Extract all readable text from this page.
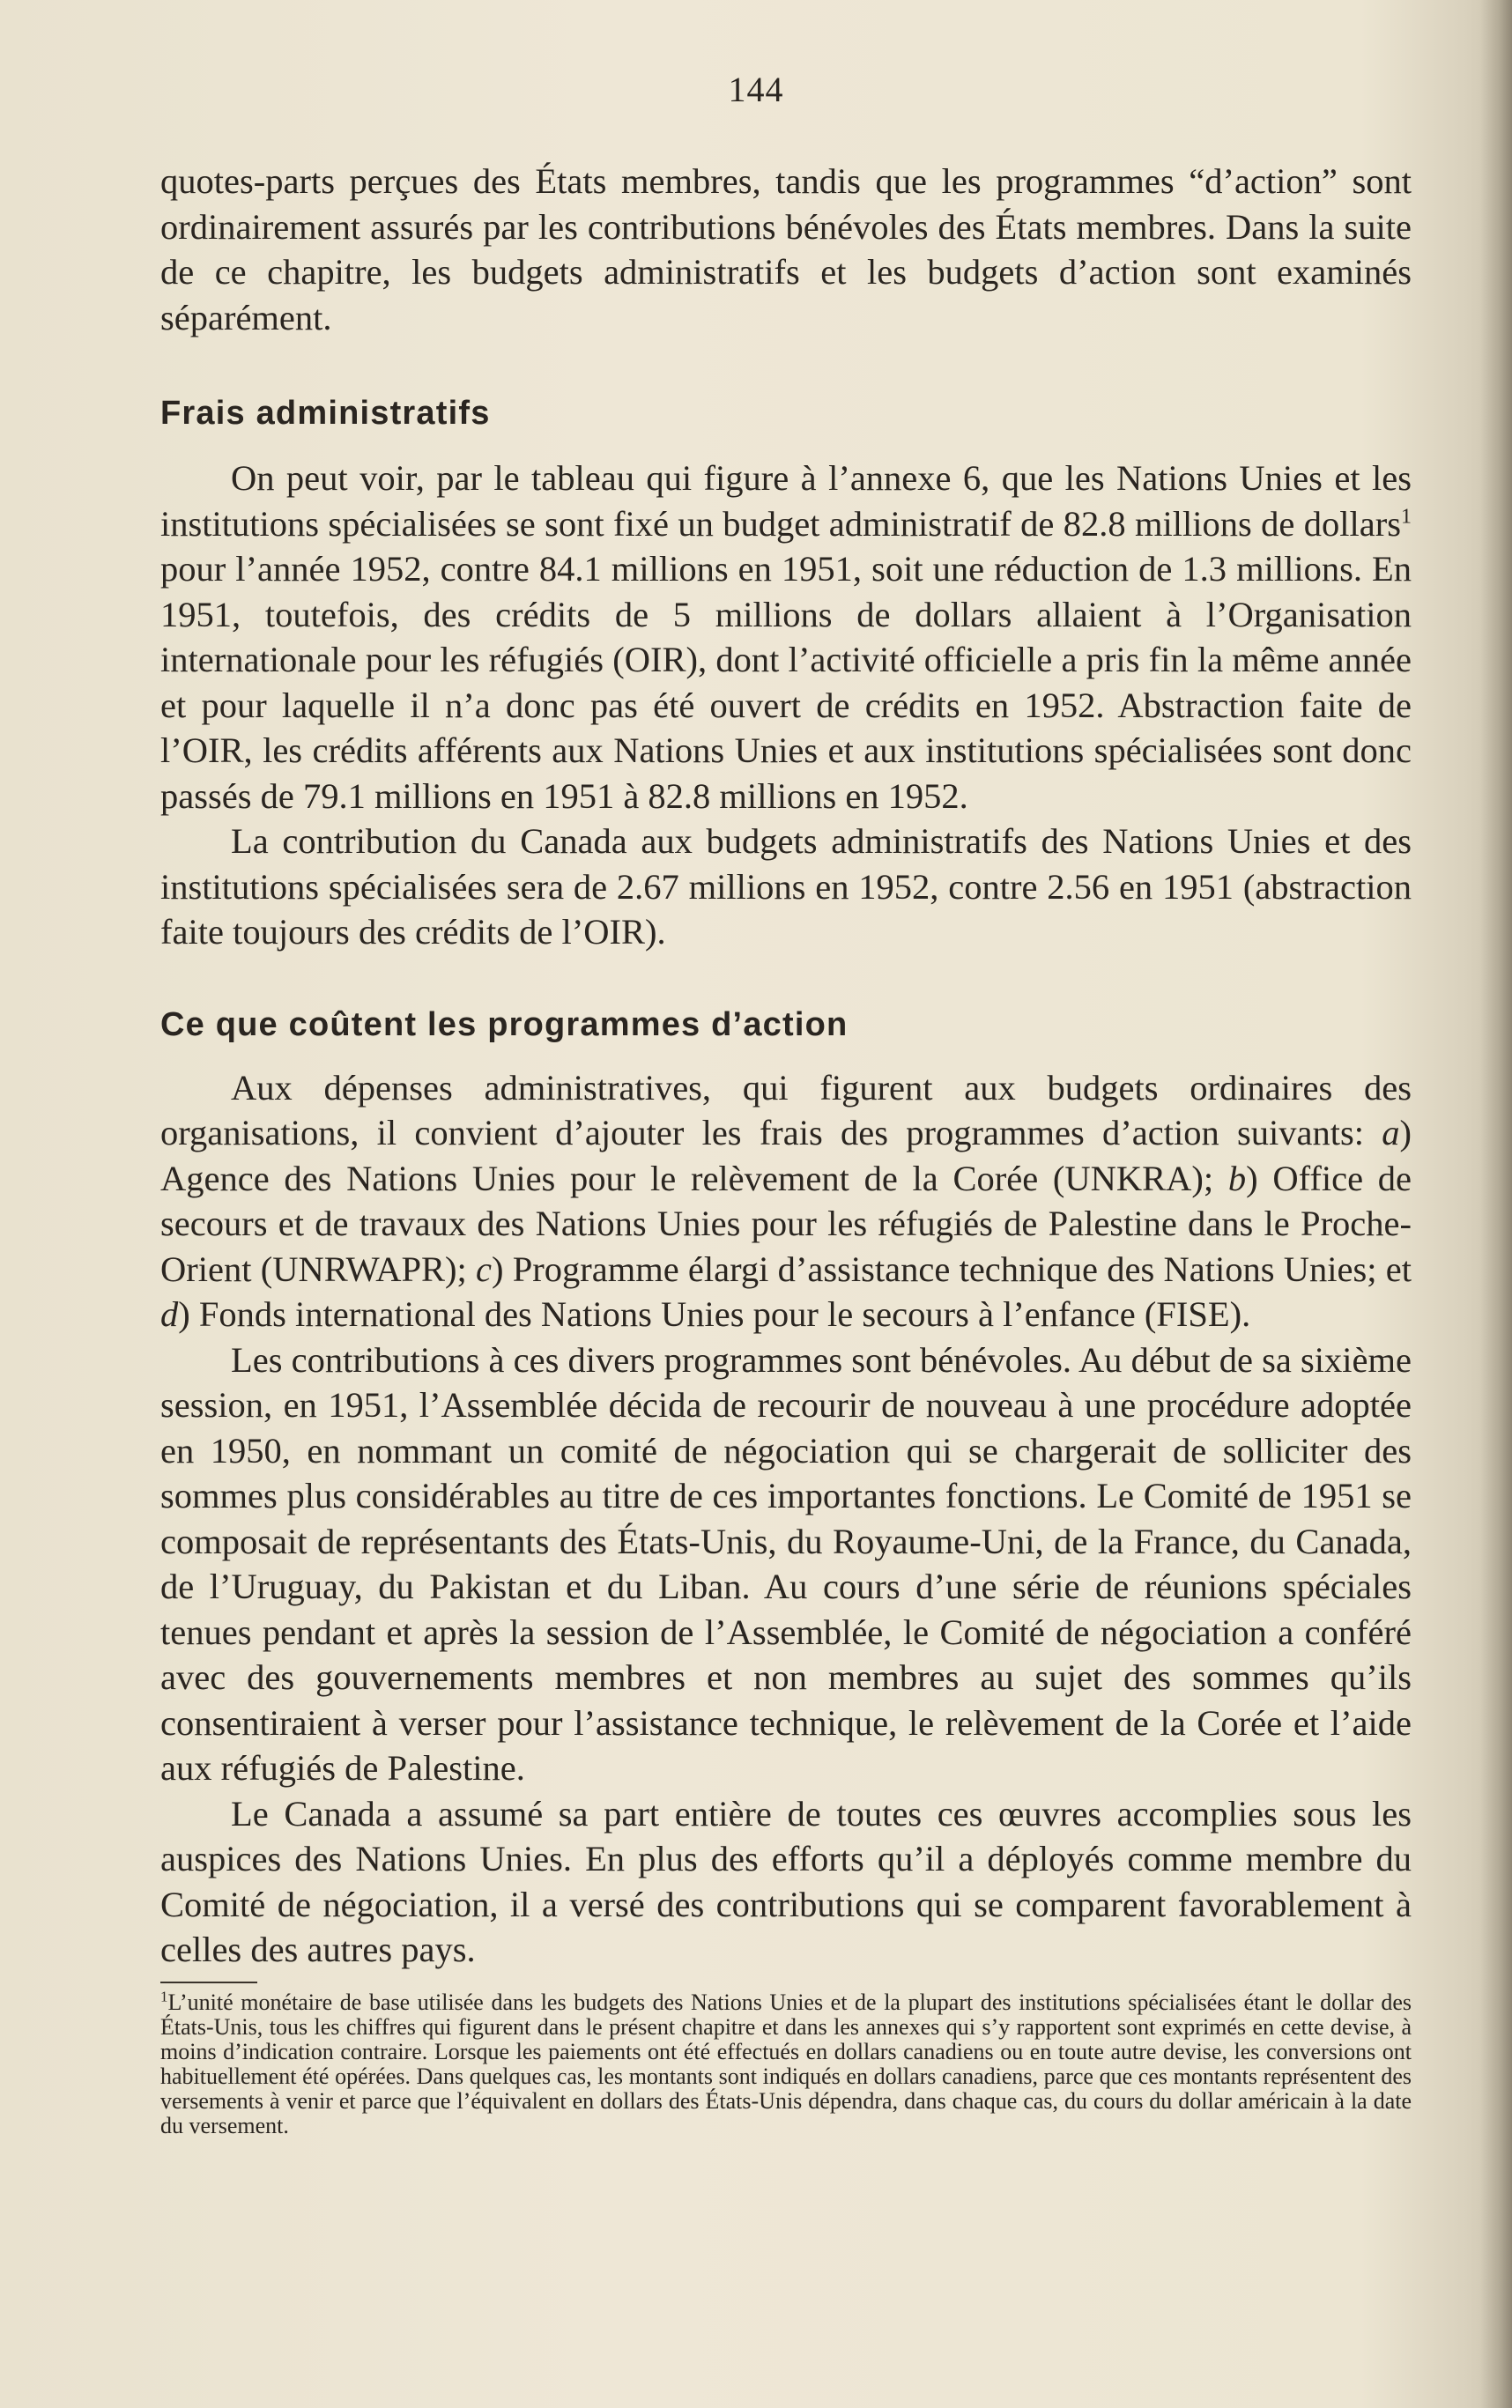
144

quotes-parts perçues des États membres, tandis que les programmes “d’action” sont ordinairement assurés par les contributions bénévoles des États membres. Dans la suite de ce chapitre, les budgets administratifs et les budgets d’action sont examinés séparément.

Frais administratifs

On peut voir, par le tableau qui figure à l’annexe 6, que les Nations Unies et les institutions spécialisées se sont fixé un budget administratif de 82.8 millions de dollars$^1$ pour l’année 1952, contre 84.1 millions en 1951, soit une réduction de 1.3 millions. En 1951, toutefois, des crédits de 5 millions de dollars allaient à l’Organisation internationale pour les réfugiés (OIR), dont l’activité officielle a pris fin la même année et pour laquelle il n’a donc pas été ouvert de crédits en 1952. Abstraction faite de l’OIR, les crédits afférents aux Nations Unies et aux institutions spécialisées sont donc passés de 79.1 millions en 1951 à 82.8 millions en 1952.

La contribution du Canada aux budgets administratifs des Nations Unies et des institutions spécialisées sera de 2.67 millions en 1952, contre 2.56 en 1951 (abstraction faite toujours des crédits de l’OIR).

Ce que coûtent les programmes d’action

Aux dépenses administratives, qui figurent aux budgets ordinaires des organisations, il convient d’ajouter les frais des programmes d’action suivants: a) Agence des Nations Unies pour le relèvement de la Corée (UNKRA); b) Office de secours et de travaux des Nations Unies pour les réfugiés de Palestine dans le Proche-Orient (UNRWAPR); c) Programme élargi d’assistance technique des Nations Unies; et d) Fonds international des Nations Unies pour le secours à l’enfance (FISE).

Les contributions à ces divers programmes sont bénévoles. Au début de sa sixième session, en 1951, l’Assemblée décida de recourir de nouveau à une procédure adoptée en 1950, en nommant un comité de négociation qui se chargerait de solliciter des sommes plus considérables au titre de ces importantes fonctions. Le Comité de 1951 se composait de représentants des États-Unis, du Royaume-Uni, de la France, du Canada, de l’Uruguay, du Pakistan et du Liban. Au cours d’une série de réunions spéciales tenues pendant et après la session de l’Assemblée, le Comité de négociation a conféré avec des gouvernements membres et non membres au sujet des sommes qu’ils consentiraient à verser pour l’assistance technique, le relèvement de la Corée et l’aide aux réfugiés de Palestine.

Le Canada a assumé sa part entière de toutes ces œuvres accomplies sous les auspices des Nations Unies. En plus des efforts qu’il a déployés comme membre du Comité de négociation, il a versé des contributions qui se comparent favorablement à celles des autres pays.

$^1$L’unité monétaire de base utilisée dans les budgets des Nations Unies et de la plupart des institutions spécialisées étant le dollar des États-Unis, tous les chiffres qui figurent dans le présent chapitre et dans les annexes qui s’y rapportent sont exprimés en cette devise, à moins d’indication contraire. Lorsque les paiements ont été effectués en dollars canadiens ou en toute autre devise, les conversions ont habituellement été opérées. Dans quelques cas, les montants sont indiqués en dollars canadiens, parce que ces montants représentent des versements à venir et parce que l’équivalent en dollars des États-Unis dépendra, dans chaque cas, du cours du dollar américain à la date du versement.
